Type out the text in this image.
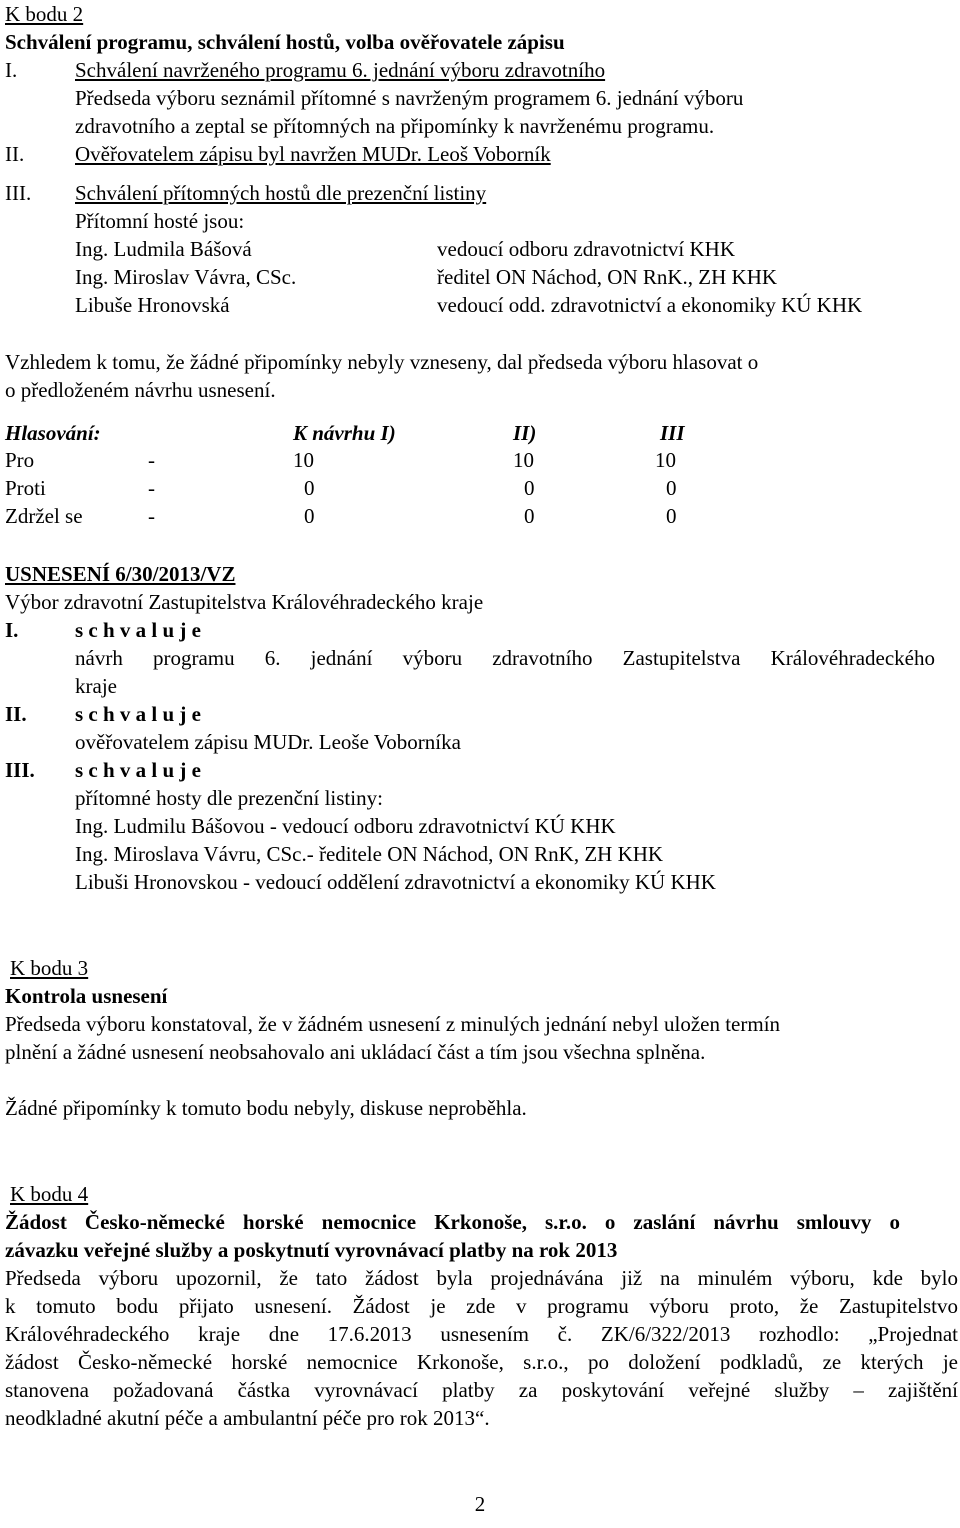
K bodu 2
Schválení programu, schválení hostů, volba ověřovatele zápisu
I.	Schválení navrženého programu 6. jednání výboru zdravotního
Předseda výboru seznámil přítomné s navrženým programem 6. jednání výboru
zdravotního a zeptal se přítomných na připomínky k navrženému programu.
II. Ověřovatelem zápisu byl navržen MUDr. Leoš Voborník
III. Schválení přítomných hostů dle prezenční listiny
Přítomní hosté jsou:
Ing. Ludmila Bášová	vedoucí odboru zdravotnictví KHK
Ing. Miroslav Vávra, CSc.	ředitel ON Náchod, ON RnK., ZH KHK
Libuše Hronovská	vedoucí odd. zdravotnictví a ekonomiky KÚ KHK
Vzhledem k tomu, že žádné připomínky nebyly vzneseny, dal předseda výboru hlasovat o
o předloženém návrhu usnesení.
Hlasování:	K návrhu I)	II)	III
Pro	-	10	10	10
Proti	-	0	0	0
Zdržel se	-	0	0	0
USNESENÍ 6/30/2013/VZ
Výbor zdravotní Zastupitelstva Královéhradeckého kraje
I.	s c h v a l u j e
návrh programu 6. jednání výboru zdravotního Zastupitelstva Královéhradeckého
kraje
II. s c h v a l u j e
ověřovatelem zápisu MUDr. Leoše Voborníka
III. s c h v a l u j e
přítomné hosty dle prezenční listiny:
Ing. Ludmilu Bášovou - vedoucí odboru zdravotnictví KÚ KHK
Ing. Miroslava Vávru, CSc.- ředitele ON Náchod, ON RnK, ZH KHK
Libuši Hronovskou - vedoucí oddělení zdravotnictví a ekonomiky KÚ KHK
K bodu 3
Kontrola usnesení
Předseda výboru konstatoval, že v žádném usnesení z minulých jednání nebyl uložen termín
plnění a žádné usnesení neobsahovalo ani ukládací část a tím jsou všechna splněna.
Žádné připomínky k tomuto bodu nebyly, diskuse neproběhla.
K bodu 4
Žádost Česko-německé horské nemocnice Krkonoše, s.r.o. o zaslání návrhu smlouvy o
závazku veřejné služby a poskytnutí vyrovnávací platby na rok 2013
Předseda výboru upozornil, že tato žádost byla projednávána již na minulém výboru, kde bylo
k tomuto bodu přijato usnesení. Žádost je zde v programu výboru proto, že Zastupitelstvo
Královéhradeckého kraje dne 17.6.2013 usnesením č. ZK/6/322/2013 rozhodlo: „Projednat
žádost Česko-německé horské nemocnice Krkonoše, s.r.o., po doložení podkladů, ze kterých je
stanovena požadovaná částka vyrovnávací platby za poskytování veřejné služby – zajištění
neodkladné akutní péče a ambulantní péče pro rok 2013“.
2
